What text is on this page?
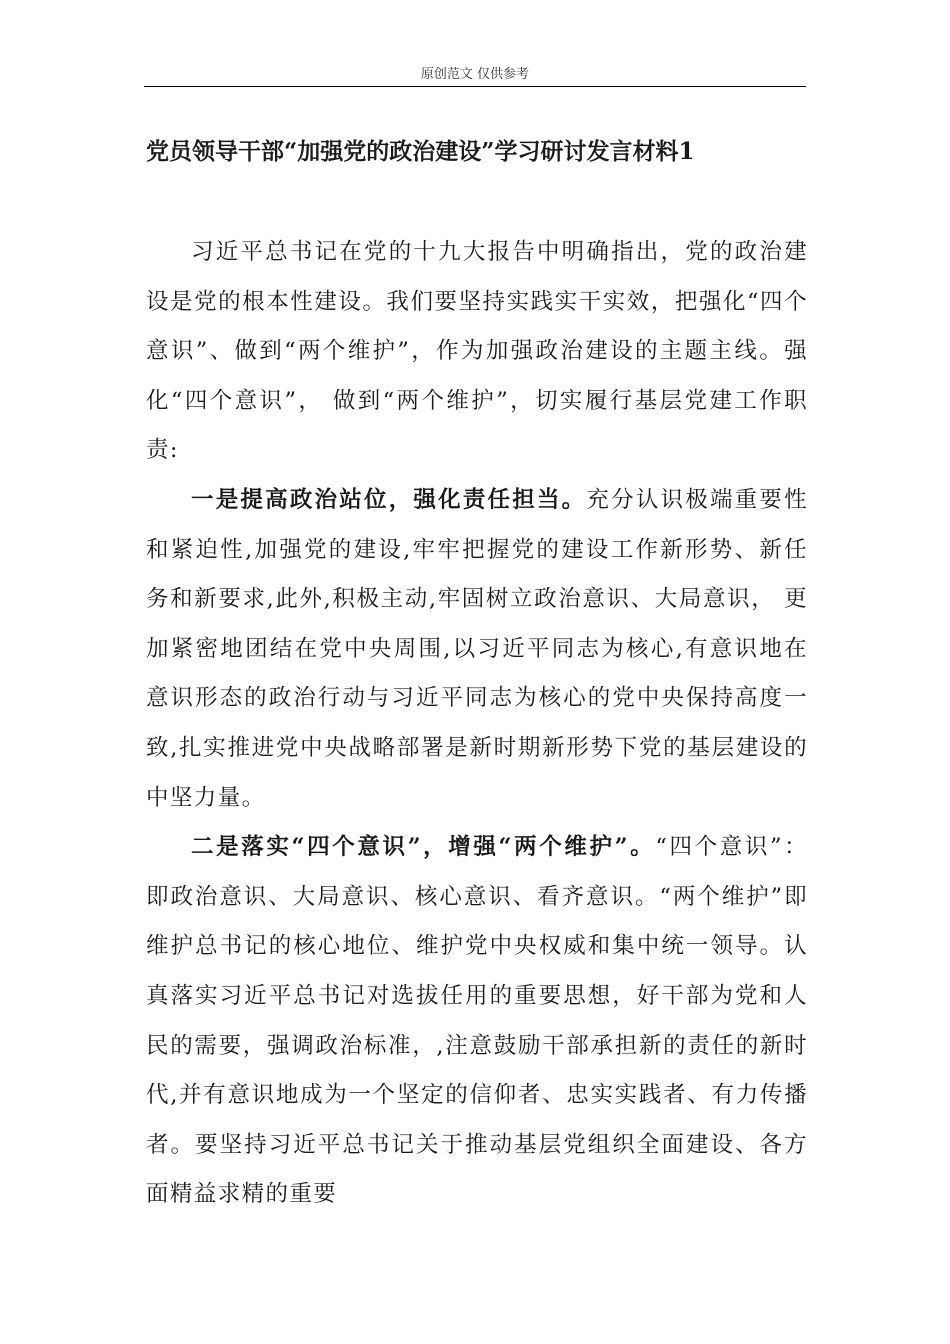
原创范文 仅供参考
党员领导干部“加强党的政治建设”学习研讨发言材料1

习近平总书记在党的十九大报告中明确指出，党的政治建设是党的根本性建设。我们要坚持实践实干实效，把强化“四个意识”、做到“两个维护”，作为加强政治建设的主题主线。强化“四个意识”， 做到“两个维护”，切实履行基层党建工作职责:

一是提高政治站位，强化责任担当。充分认识极端重要性和紧迫性,加强党的建设,牢牢把握党的建设工作新形势、新任务和新要求,此外,积极主动,牢固树立政治意识、大局意识， 更加紧密地团结在党中央周围,以习近平同志为核心,有意识地在意识形态的政治行动与习近平同志为核心的党中央保持高度一致,扎实推进党中央战略部署是新时期新形势下党的基层建设的中坚力量。

二是落实“四个意识”，增强“两个维护”。“四个意识”： 即政治意识、大局意识、核心意识、看齐意识。“两个维护”即维护总书记的核心地位、维护党中央权威和集中统一领导。认真落实习近平总书记对选拔任用的重要思想，好干部为党和人民的需要，强调政治标准，,注意鼓励干部承担新的责任的新时代,并有意识地成为一个坚定的信仰者、忠实实践者、有力传播者。要坚持习近平总书记关于推动基层党组织全面建设、各方面精益求精的重要
